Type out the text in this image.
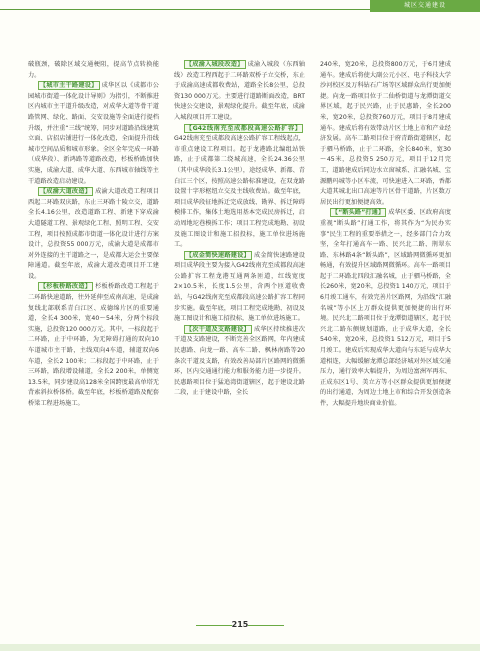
城区交通建设

破瓶颈，破除区域交通梗阻，提高节点转换能力。

【城市主干路建设】 成华区以《成都市公园城市街道一体化设计导则》为指引，不断推进区内城市主干道升级改造，对成华大道等骨干道路管网、绿化、路面、交安设施等全面进行提档升级，并注重“三线”统筹，同步对道路沿线建筑立面、店招店铺进行一体化改造，全面提升沿线城市空间品质和城市形象。全区全年完成一环路（成华段）、新鸿路等道路改造，杉板桥路加快实施，成渝大道、成华大道、东西城市轴线等主干道路改造启动建设。

【成渝大道改造】 成渝大道改造工程项目西起二环路双庆路，东止三环路十陵立交，道路全长4.16公里，改造道路工程、新建下穿成渝大道隧道工程、景观绿化工程、照明工程、交安工程，项目按照成都市街道一体化设计进行方案设计，总投资55 000万元，成渝大道是成都市对外连接的主干道路之一，是成都大运会主要保障通道。截至年底，成渝大道改造项目开工建设。

【杉板桥路改造】 杉板桥路改造工程起于二环路快速道路，往外延伸至成南高速，是成渝复线北部联系青白江区、成德绵片区的重要通道，全长4 300米，宽40～54米，分两个标段实施，总投资120 000万元。其中，一标段起于二环路，止于中环路，为无障碍打通的双向10车道城市主干路，主线双向4车道，辅道双向6车道，全长2 100米；二标段起于中环路，止于三环路，路段增设辅道，全长2 200米，单侧宽13.5米，同步建设高128米全国跨度最高单塔无背索斜拉桥体桥。截至年底，杉板桥道路及配套桥梁工程进场施工。

【成渝入城段改造】 成渝入城段（东西轴线）改造工程西起于二环路双桥子立交桥，东止于成渝高速成都收费站，道路全长8公里，总投资130 000万元。主要进行道路断面改造，BRT快速公交建设，景观绿化提升。截至年底，成渝入城段项目开工建设。

【G42线南充至成都段高速公路扩容】G42线南充至成都段高速公路扩容工程线起点，市重点建设工程项目。起于龙港路北编组站铁路，止于成都第二绕城高速，全长24.36公里（其中成华段长3.1公里），途经成华、新都、青白江三个区，按照高速公路标准建设，在双龙路设置十字形枢纽立交及主线收费站。截至年底，项目成华段征地拆迁完成放线、勘界、拆迁障碍模排工作，集体土地选用基本完成民房拆迁，启动周地坨巷模拆工作；项目工程完成地勘、初设及施工图设计和施工招投标，施工单位进场施工。

【成金简快速路建设】 成金简快速路建设项目成华段主要为接入G42线南充至成都段高速公路扩容工程龙港互通两条匝道，红线宽度2×10.5米，长度1.5公里，含两个匝道收费站，与G42线南充至成都段高速公路扩容工程同步实施。截至年底，项目工程完成地勘、初设及施工图设计和施工招投标，施工单位进场施工。

【次干道及支路建设】 成华区持续推进次干道及支路建设，不断完善全区路网，年内建成民惠路、向龙一路、高车二路、枫林南路等20条次干道及支路，有效改善局部片区路网的微循环，区内交通通行能力和服务能力进一步提升。民惠路项目位于猛追湾街道辖区，起于建设北路二段，止于建设中路，全长

240米，宽20米，总投资800万元，于6月建成通车。建成后将使大副公元小区、电子科技大学沙河校区及万科钻石广场等区域群众出行更加便捷。向龙一路项目位于二仙桥街道与龙潭街道交界区域，起于民兴路，止于民惠路，全长200米，宽20米，总投资760万元，项目于8月建成通车。建成后将有效带动片区土地上市和产业经济发展。高车二路项目位于府青路街道辖区，起于驷马桥路，止于二环路，全长840米，宽30～45米，总投资5 250万元，项目于12月完工，道路建成后同边水立窗城系、汇融名城、宝源鹏玛城等小区车流，可快速进入二环路，香都大道其城北出口高速等片区骨干道路，片区数万居民出行更加便捷高效。

【“断头路”打通】 成华区委、区政府高度重视“断头路”打通工作，将其作为“为民办实事”民生工程的重要举措之一，经多部门合力攻坚，全年打通高车一路、民兴北二路、荆翠东路、东林路4条“断头路”，区域路网微循环更加畅通，有效提升区域路网微循环。高车一路项目起于二环路北四段汇融名城，止于驷马桥路，全长260米，宽20米，总投资1 140万元，项目于6月竣工通车，有效完善片区路网，为沿线“汇融名城”等小区上万群众提供更加便捷的出行环境。民兴北二路项目位于龙潭街道辖区，起于民兴北二路东侧规划道路，止于成华大道，全长540米，宽20米，总投资1 512万元，项目于5月竣工。建成后实现成华大道向与东延与成华大道相连，大幅缓解龙潭总部经济城对外区域交通压力，通行效率大幅提升，为周边富洲军再东、正成东区1号、美立方等小区群众提供更加便捷的出行通道，为周边土地上市和综合开发创造条件，大幅提升地块商业价值。

215
